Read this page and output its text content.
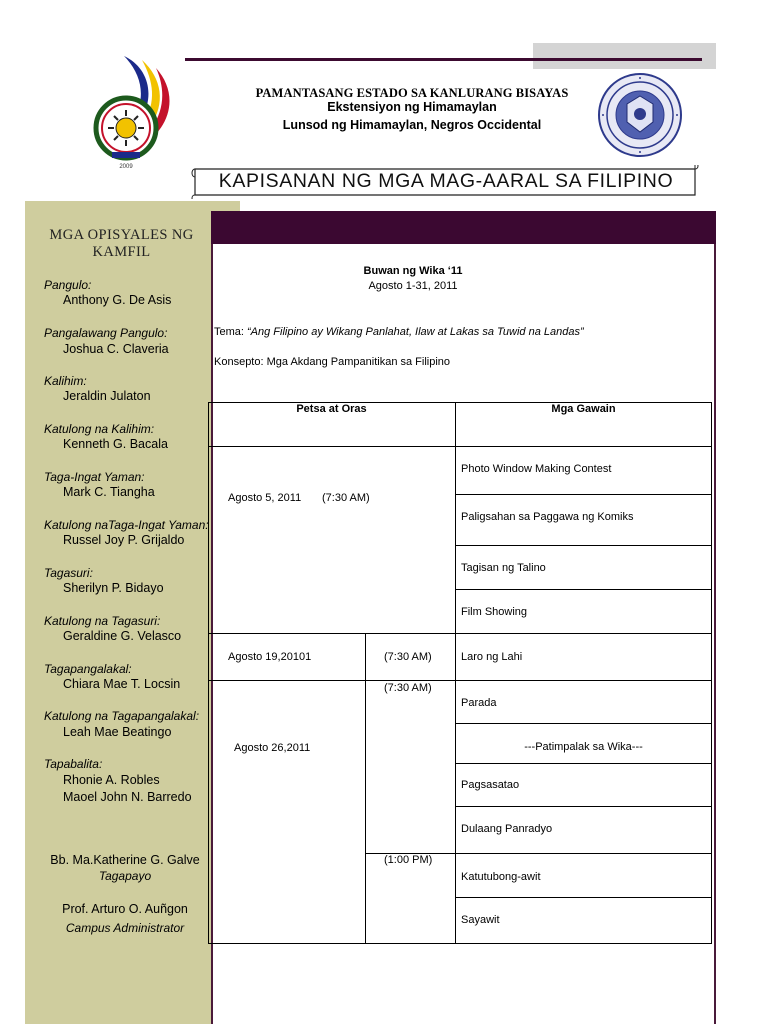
2009
PAMANTASANG ESTADO SA KANLURANG BISAYAS
Ekstensiyon ng Himamaylan
Lunsod ng Himamaylan, Negros Occidental
KAPISANAN NG MGA MAG-AARAL SA FILIPINO
MGA OPISYALES NG KAMFIL
Pangulo:
Anthony G. De Asis
Pangalawang Pangulo:
Joshua C. Claveria
Kalihim:
Jeraldin Julaton
Katulong na Kalihim:
Kenneth G. Bacala
Taga-Ingat Yaman:
Mark C. Tiangha
Katulong naTaga-Ingat Yaman:
Russel Joy P. Grijaldo
Tagasuri:
Sherilyn P. Bidayo
Katulong na Tagasuri:
Geraldine G. Velasco
Tagapangalakal:
Chiara Mae T. Locsin
Katulong na Tagapangalakal:
Leah Mae Beatingo
Tapabalita:
Rhonie A. Robles
Maoel John N. Barredo
Bb. Ma.Katherine G. Galve
Tagapayo
Prof. Arturo O. Auñgon
Campus Administrator
Buwan ng Wika ‘11
Agosto 1-31, 2011
Tema: “Ang Filipino ay Wikang Panlahat, Ilaw at Lakas sa Tuwid na Landas”
Konsepto: Mga Akdang Pampanitikan sa Filipino
Petsa at Oras	Mga Gawain
Agosto 5, 2011 (7:30 AM)
Agosto 19,20101	(7:30 AM)
Agosto 26,2011
(7:30 AM)
(1:00 PM)
Photo Window Making Contest
Paligsahan sa Paggawa ng Komiks
Tagisan ng Talino
Film Showing
Laro ng Lahi
Parada
---Patimpalak sa Wika---
Pagsasatao
Dulaang Panradyo
Katutubong-awit
Sayawit
